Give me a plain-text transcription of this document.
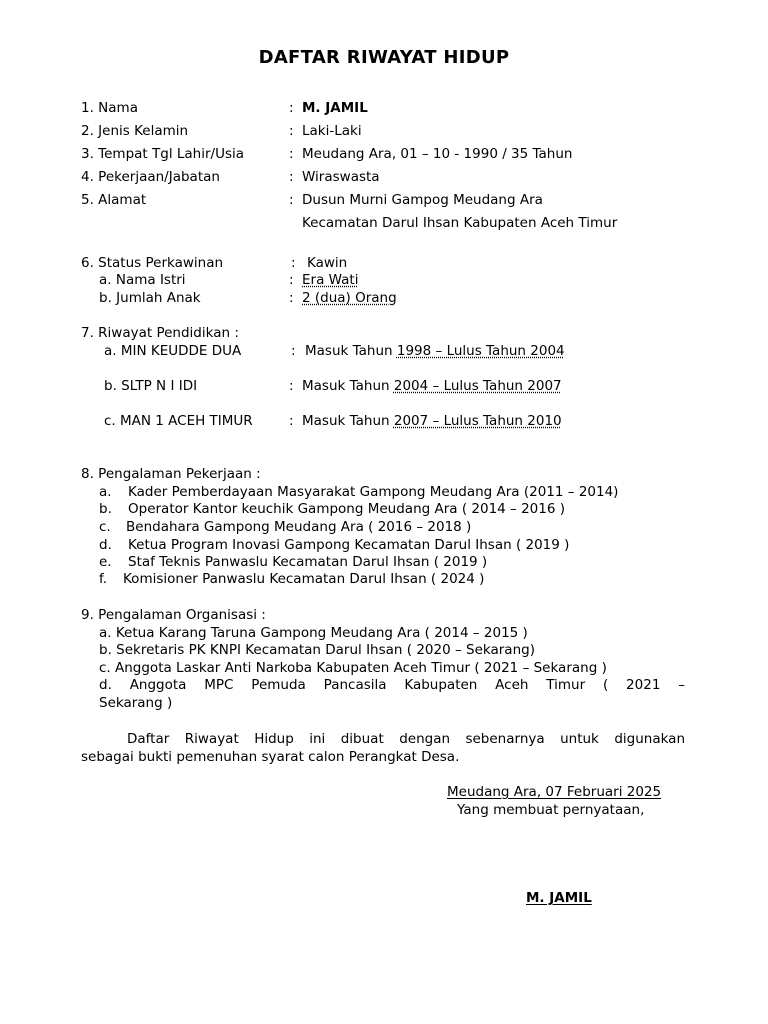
DAFTAR RIWAYAT HIDUP
1. Nama	: M. JAMIL
2. Jenis Kelamin	: Laki-Laki
3. Tempat Tgl Lahir/Usia	: Meudang Ara, 01 – 10 - 1990 / 35 Tahun
4. Pekerjaan/Jabatan	: Wiraswasta
5. Alamat	: Dusun Murni Gampog Meudang Ara
Kecamatan Darul Ihsan Kabupaten Aceh Timur
6. Status Perkawinan	: Kawin
a. Nama Istri	: Era Wati
b. Jumlah Anak	: 2 (dua) Orang
7. Riwayat Pendidikan :
a. MIN KEUDDE DUA	: Masuk Tahun 1998 – Lulus Tahun 2004
b. SLTP N I IDI	: Masuk Tahun 2004 – Lulus Tahun 2007
c. MAN 1 ACEH TIMUR	: Masuk Tahun 2007 – Lulus Tahun 2010
8. Pengalaman Pekerjaan :
a. Kader Pemberdayaan Masyarakat Gampong Meudang Ara (2011 – 2014)
b. Operator Kantor keuchik Gampong Meudang Ara ( 2014 – 2016 )
c. Bendahara Gampong Meudang Ara ( 2016 – 2018 )
d. Ketua Program Inovasi Gampong Kecamatan Darul Ihsan ( 2019 )
e. Staf Teknis Panwaslu Kecamatan Darul Ihsan ( 2019 )
f. Komisioner Panwaslu Kecamatan Darul Ihsan ( 2024 )
9. Pengalaman Organisasi :
a. Ketua Karang Taruna Gampong Meudang Ara ( 2014 – 2015 )
b. Sekretaris PK KNPI Kecamatan Darul Ihsan ( 2020 – Sekarang)
c. Anggota Laskar Anti Narkoba Kabupaten Aceh Timur ( 2021 – Sekarang )
d. Anggota MPC Pemuda Pancasila Kabupaten Aceh Timur ( 2021 –
Sekarang )
Daftar Riwayat Hidup ini dibuat dengan sebenarnya untuk digunakan
sebagai bukti pemenuhan syarat calon Perangkat Desa.
Meudang Ara, 07 Februari 2025
Yang membuat pernyataan,
M. JAMIL
